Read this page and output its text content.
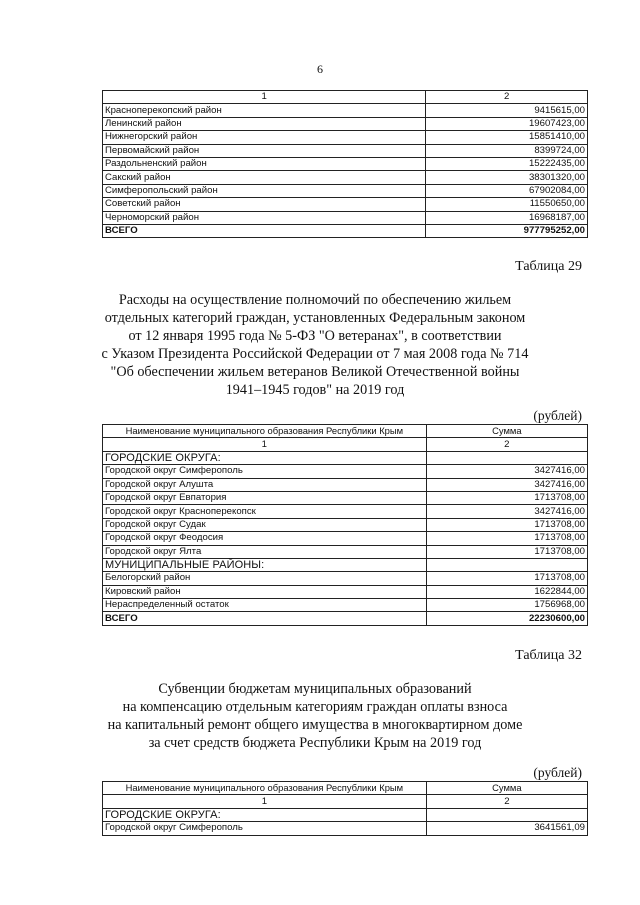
6
1	2
Красноперекопский район	9415615,00
Ленинский район	19607423,00
Нижнегорский район	15851410,00
Первомайский район	8399724,00
Раздольненский район	15222435,00
Сакский район	38301320,00
Симферопольский район	67902084,00
Советский район	11550650,00
Черноморский район	16968187,00
ВСЕГО	977795252,00
Таблица 29
Расходы на осуществление полномочий по обеспечению жильем
отдельных категорий граждан, установленных Федеральным законом
от 12 января 1995 года № 5-ФЗ "О ветеранах", в соответствии
с Указом Президента Российской Федерации от 7 мая 2008 года № 714
"Об обеспечении жильем ветеранов Великой Отечественной войны
1941–1945 годов" на 2019 год
(рублей)
Наименование муниципального образования Республики Крым	Сумма
1	2
ГОРОДСКИЕ ОКРУГА:	
Городской округ Симферополь	3427416,00
Городской округ Алушта	3427416,00
Городской округ Евпатория	1713708,00
Городской округ Красноперекопск	3427416,00
Городской округ Судак	1713708,00
Городской округ Феодосия	1713708,00
Городской округ Ялта	1713708,00
МУНИЦИПАЛЬНЫЕ РАЙОНЫ:	
Белогорский район	1713708,00
Кировский район	1622844,00
Нераспределенный остаток	1756968,00
ВСЕГО	22230600,00
Таблица 32
Субвенции бюджетам муниципальных образований
на компенсацию отдельным категориям граждан оплаты взноса
на капитальный ремонт общего имущества в многоквартирном доме
за счет средств бюджета Республики Крым на 2019 год
(рублей)
Наименование муниципального образования Республики Крым	Сумма
1	2
ГОРОДСКИЕ ОКРУГА:	
Городской округ Симферополь	3641561,09
